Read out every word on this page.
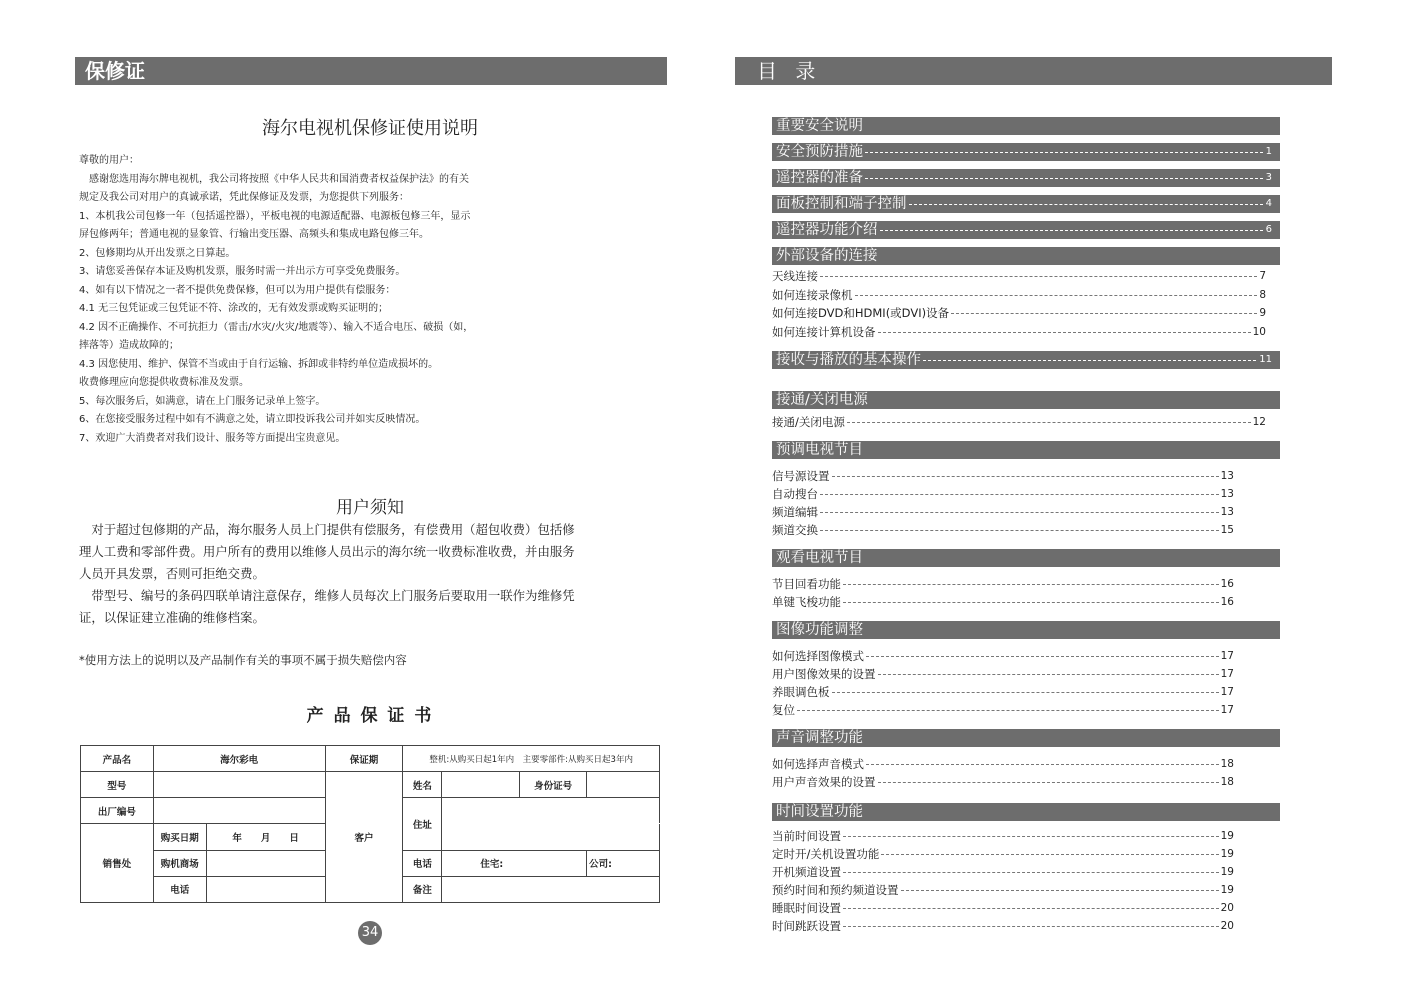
保修证
海尔电视机保修证使用说明
尊敬的用户：
　感谢您选用海尔牌电视机，我公司将按照《中华人民共和国消费者权益保护法》的有关
规定及我公司对用户的真诚承诺，凭此保修证及发票，为您提供下列服务：
1、本机我公司包修一年（包括遥控器），平板电视的电源适配器、电源板包修三年，显示
屏包修两年；普通电视的显象管、行输出变压器、高频头和集成电路包修三年。
2、包修期均从开出发票之日算起。
3、请您妥善保存本证及购机发票，服务时需一并出示方可享受免费服务。
4、如有以下情况之一者不提供免费保修，但可以为用户提供有偿服务：
4.1 无三包凭证或三包凭证不符、涂改的，无有效发票或购买证明的；
4.2 因不正确操作、不可抗拒力（雷击/水灾/火灾/地震等）、输入不适合电压、破损（如，
摔落等）造成故障的；
4.3 因您使用、维护、保管不当或由于自行运输、拆卸或非特约单位造成损坏的。
收费修理应向您提供收费标准及发票。
5、每次服务后，如满意，请在上门服务记录单上签字。
6、在您接受服务过程中如有不满意之处，请立即投诉我公司并如实反映情况。
7、欢迎广大消费者对我们设计、服务等方面提出宝贵意见。
用户须知
　对于超过包修期的产品，海尔服务人员上门提供有偿服务，有偿费用（超包收费）包括修
理人工费和零部件费。用户所有的费用以维修人员出示的海尔统一收费标准收费，并由服务
人员开具发票，否则可拒绝交费。
　带型号、编号的条码四联单请注意保存，维修人员每次上门服务后要取用一联作为维修凭
证，以保证建立准确的维修档案。
*使用方法上的说明以及产品制作有关的事项不属于损失赔偿内容
产 品 保 证 书
产品名	海尔彩电		保证期	整机:从购买日起1年内　主要零部件:从购买日起3年内			
型号			客户	姓名		身份证号	
出厂编号				住址			
销售处	购买日期	年　　月　　日					
	购机商场			电话	住宅:		公司:
	电话			备注			
34
目 录
重要安全说明
安全预防措施	1
遥控器的准备	3
面板控制和端子控制	4
遥控器功能介绍	6
外部设备的连接
天线连接	7
如何连接录像机	8
如何连接DVD和HDMI(或DVI)设备	9
如何连接计算机设备	10
接收与播放的基本操作	11
接通/关闭电源
接通/关闭电源	12
预调电视节目
信号源设置	13
自动搜台	13
频道编辑	13
频道交换	15
观看电视节目
节目回看功能	16
单键飞梭功能	16
图像功能调整
如何选择图像模式	17
用户图像效果的设置	17
养眼调色板	17
复位	17
声音调整功能
如何选择声音模式	18
用户声音效果的设置	18
时间设置功能
当前时间设置	19
定时开/关机设置功能	19
开机频道设置	19
预约时间和预约频道设置	19
睡眠时间设置	20
时间跳跃设置	20
